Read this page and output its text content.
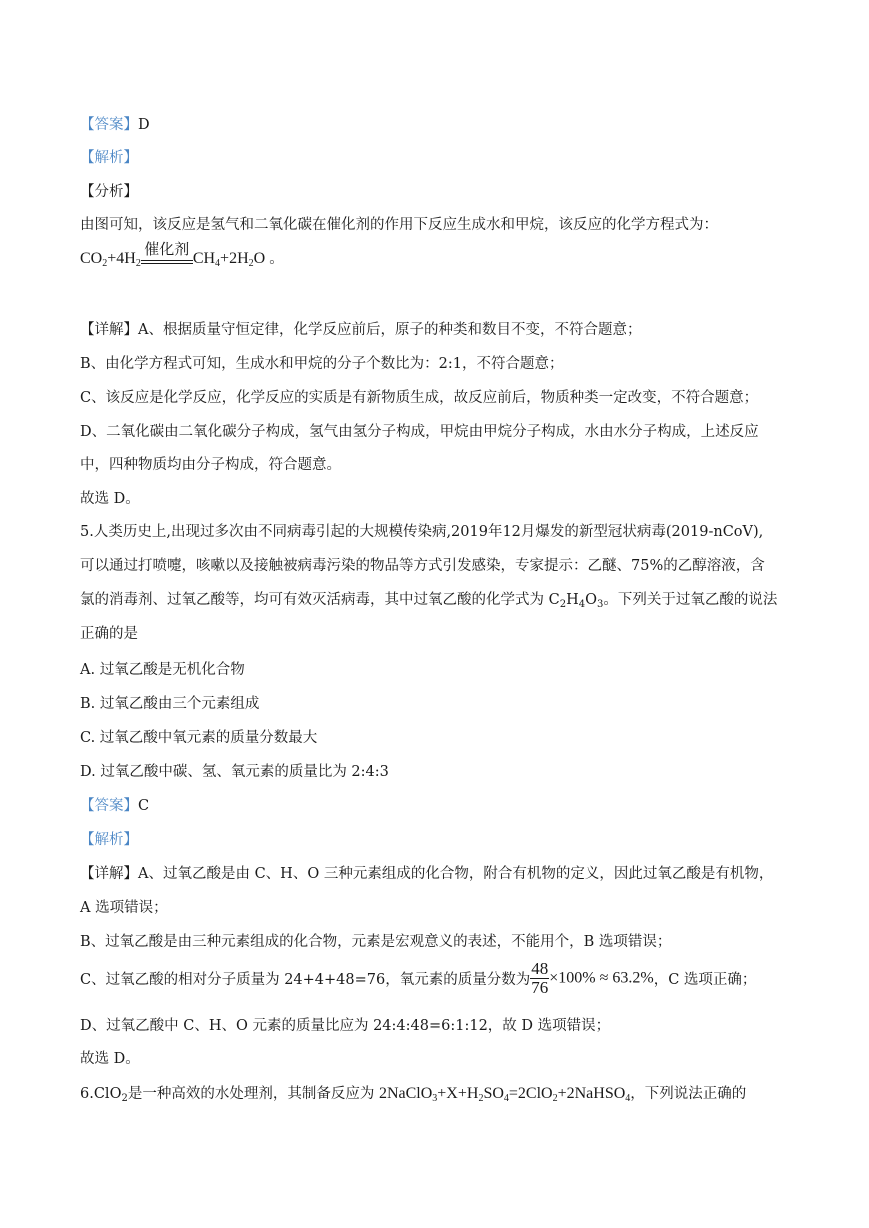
【答案】D
【解析】
【分析】
由图可知，该反应是氢气和二氧化碳在催化剂的作用下反应生成水和甲烷，该反应的化学方程式为：
$CO_2+4H_2$
催化剂
$CH_4+2H_2O$ 。
【详解】A、根据质量守恒定律，化学反应前后，原子的种类和数目不变，不符合题意；
B、由化学方程式可知，生成水和甲烷的分子个数比为：2:1，不符合题意；
C、该反应是化学反应，化学反应的实质是有新物质生成，故反应前后，物质种类一定改变，不符合题意；
D、二氧化碳由二氧化碳分子构成，氢气由氢分子构成，甲烷由甲烷分子构成，水由水分子构成，上述反应
中，四种物质均由分子构成，符合题意。
故选 D。
5.人类历史上,出现过多次由不同病毒引起的大规模传染病,2019年12月爆发的新型冠状病毒(2019-nCoV),
可以通过打喷嚏，咳嗽以及接触被病毒污染的物品等方式引发感染，专家提示：乙醚、75%的乙醇溶液，含
氯的消毒剂、过氧乙酸等，均可有效灭活病毒，其中过氧乙酸的化学式为 $C_2H_4O_3$。下列关于过氧乙酸的说法
正确的是
A. 过氧乙酸是无机化合物
B. 过氧乙酸由三个元素组成
C. 过氧乙酸中氧元素的质量分数最大
D. 过氧乙酸中碳、氢、氧元素的质量比为 2:4:3
【答案】C
【解析】
【详解】A、过氧乙酸是由 C、H、O 三种元素组成的化合物，附合有机物的定义，因此过氧乙酸是有机物，
A 选项错误；
B、过氧乙酸是由三种元素组成的化合物，元素是宏观意义的表述，不能用个，B 选项错误；
C、过氧乙酸的相对分子质量为 24+4+48=76，氧元素的质量分数为 $\frac{48}{76} \times 100\% \approx 63.2\%$，C 选项正确；
D、过氧乙酸中 C、H、O 元素的质量比应为 24:4:48=6:1:12，故 D 选项错误；
故选 D。
6.ClO$_2$是一种高效的水处理剂，其制备反应为 $2NaClO_3+X+H_2SO_4=2ClO_2+2NaHSO_4$，下列说法正确的
